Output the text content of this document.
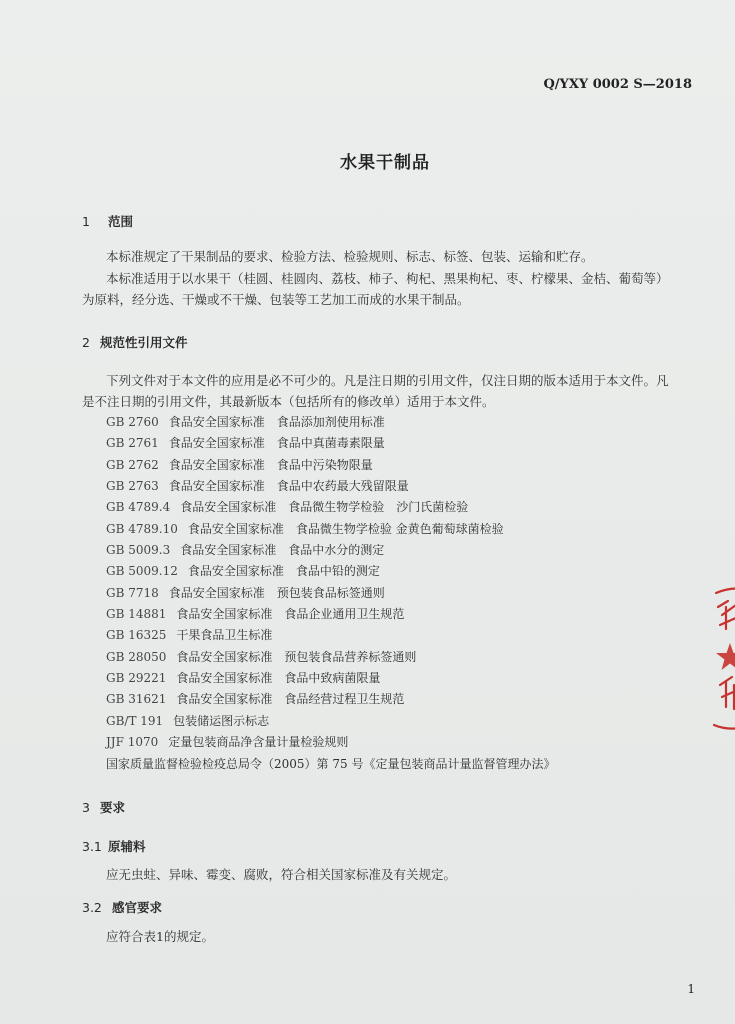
Q/YXY 0002 S—2018
水果干制品
1 范围
本标准规定了干果制品的要求、检验方法、检验规则、标志、标签、包装、运输和贮存。
本标准适用于以水果干（桂圆、桂圆肉、荔枝、柿子、枸杞、黑果枸杞、枣、柠檬果、金桔、葡萄等）
为原料，经分选、干燥或不干燥、包装等工艺加工而成的水果干制品。
2 规范性引用文件
下列文件对于本文件的应用是必不可少的。凡是注日期的引用文件，仅注日期的版本适用于本文件。凡
是不注日期的引用文件，其最新版本（包括所有的修改单）适用于本文件。
GB 2760 食品安全国家标准　食品添加剂使用标准
GB 2761 食品安全国家标准　食品中真菌毒素限量
GB 2762 食品安全国家标准　食品中污染物限量
GB 2763 食品安全国家标准　食品中农药最大残留限量
GB 4789.4 食品安全国家标准　食品微生物学检验　沙门氏菌检验
GB 4789.10 食品安全国家标准　食品微生物学检验 金黄色葡萄球菌检验
GB 5009.3 食品安全国家标准　食品中水分的测定
GB 5009.12 食品安全国家标准　食品中铅的测定
GB 7718 食品安全国家标准　预包装食品标签通则
GB 14881 食品安全国家标准　食品企业通用卫生规范
GB 16325 干果食品卫生标准
GB 28050 食品安全国家标准　预包装食品营养标签通则
GB 29221 食品安全国家标准　食品中致病菌限量
GB 31621 食品安全国家标准　食品经营过程卫生规范
GB/T 191 包装储运图示标志
JJF 1070 定量包装商品净含量计量检验规则
国家质量监督检验检疫总局令（2005）第 75 号《定量包装商品计量监督管理办法》
3 要求
3.1 原辅料
应无虫蛀、异味、霉变、腐败，符合相关国家标准及有关规定。
3.2 感官要求
应符合表1的规定。
1
